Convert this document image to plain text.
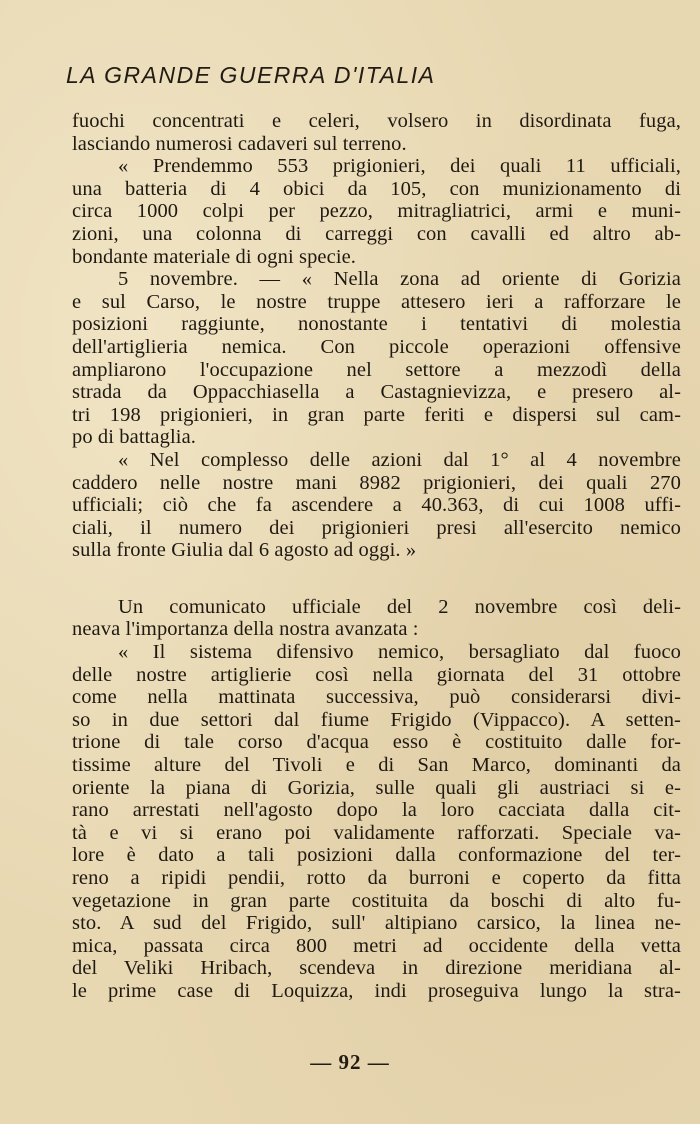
LA GRANDE GUERRA D'ITALIA
fuochi concentrati e celeri, volsero in disordinata fuga,
lasciando numerosi cadaveri sul terreno.
« Prendemmo 553 prigionieri, dei quali 11 ufficiali,
una batteria di 4 obici da 105, con munizionamento di
circa 1000 colpi per pezzo, mitragliatrici, armi e muni-
zioni, una colonna di carreggi con cavalli ed altro ab-
bondante materiale di ogni specie.
5 novembre. — « Nella zona ad oriente di Gorizia
e sul Carso, le nostre truppe attesero ieri a rafforzare le
posizioni raggiunte, nonostante i tentativi di molestia
dell'artiglieria nemica. Con piccole operazioni offensive
ampliarono l'occupazione nel settore a mezzodì della
strada da Oppacchiasella a Castagnievizza, e presero al-
tri 198 prigionieri, in gran parte feriti e dispersi sul cam-
po di battaglia.
« Nel complesso delle azioni dal 1° al 4 novembre
caddero nelle nostre mani 8982 prigionieri, dei quali 270
ufficiali; ciò che fa ascendere a 40.363, di cui 1008 uffi-
ciali, il numero dei prigionieri presi all'esercito nemico
sulla fronte Giulia dal 6 agosto ad oggi. »
Un comunicato ufficiale del 2 novembre così deli-
neava l'importanza della nostra avanzata :
« Il sistema difensivo nemico, bersagliato dal fuoco
delle nostre artiglierie così nella giornata del 31 ottobre
come nella mattinata successiva, può considerarsi divi-
so in due settori dal fiume Frigido (Vippacco). A setten-
trione di tale corso d'acqua esso è costituito dalle for-
tissime alture del Tivoli e di San Marco, dominanti da
oriente la piana di Gorizia, sulle quali gli austriaci si e-
rano arrestati nell'agosto dopo la loro cacciata dalla cit-
tà e vi si erano poi validamente rafforzati. Speciale va-
lore è dato a tali posizioni dalla conformazione del ter-
reno a ripidi pendii, rotto da burroni e coperto da fitta
vegetazione in gran parte costituita da boschi di alto fu-
sto. A sud del Frigido, sull' altipiano carsico, la linea ne-
mica, passata circa 800 metri ad occidente della vetta
del Veliki Hribach, scendeva in direzione meridiana al-
le prime case di Loquizza, indi proseguiva lungo la stra-
— 92 —
